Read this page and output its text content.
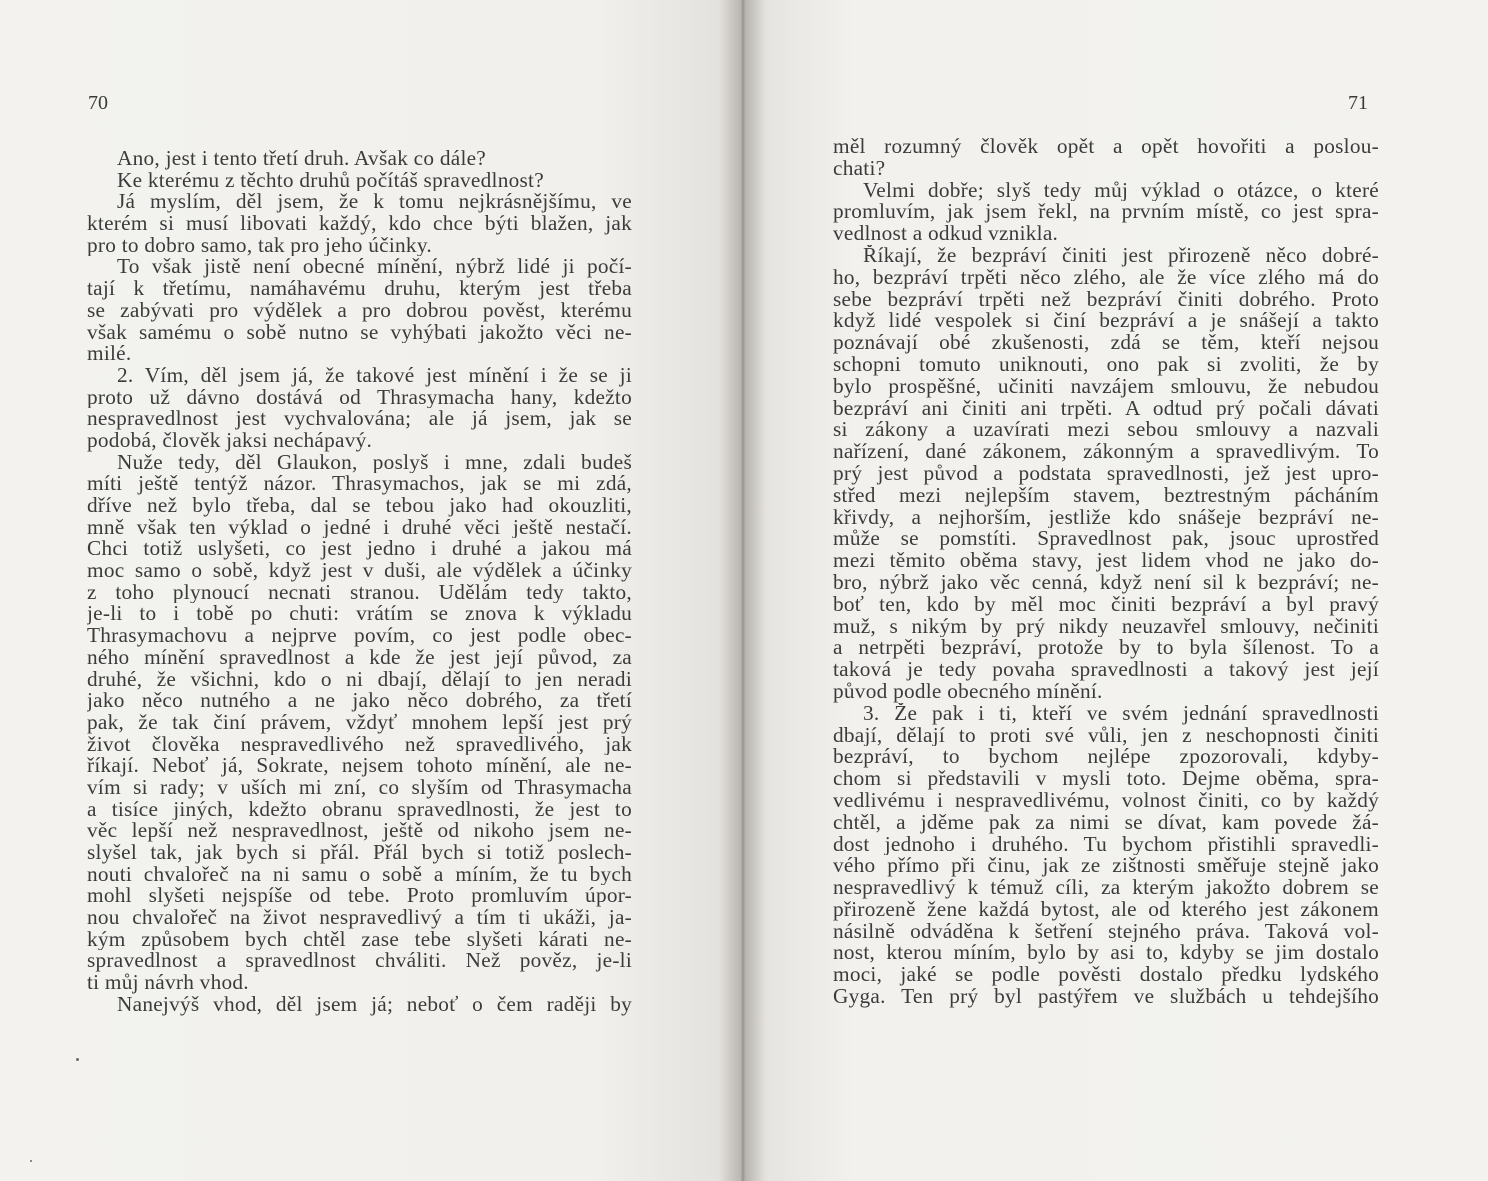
70
Ano, jest i tento třetí druh. Avšak co dále?
Ke kterému z těchto druhů počítáš spravedlnost?
Já myslím, děl jsem, že k tomu nejkrásnějšímu, ve
kterém si musí libovati každý, kdo chce býti blažen, jak
pro to dobro samo, tak pro jeho účinky.
To však jistě není obecné mínění, nýbrž lidé ji počí-
tají k třetímu, namáhavému druhu, kterým jest třeba
se zabývati pro výdělek a pro dobrou pověst, kterému
však samému o sobě nutno se vyhýbati jakožto věci ne-
milé.
2. Vím, děl jsem já, že takové jest mínění i že se ji
proto už dávno dostává od Thrasymacha hany, kdežto
nespravedlnost jest vychvalována; ale já jsem, jak se
podobá, člověk jaksi nechápavý.
Nuže tedy, děl Glaukon, poslyš i mne, zdali budeš
míti ještě tentýž názor. Thrasymachos, jak se mi zdá,
dříve než bylo třeba, dal se tebou jako had okouzliti,
mně však ten výklad o jedné i druhé věci ještě nestačí.
Chci totiž uslyšeti, co jest jedno i druhé a jakou má
moc samo o sobě, když jest v duši, ale výdělek a účinky
z toho plynoucí necnati stranou. Udělám tedy takto,
je-li to i tobě po chuti: vrátím se znova k výkladu
Thrasymachovu a nejprve povím, co jest podle obec-
ného mínění spravedlnost a kde že jest její původ, za
druhé, že všichni, kdo o ni dbají, dělají to jen neradi
jako něco nutného a ne jako něco dobrého, za třetí
pak, že tak činí právem, vždyť mnohem lepší jest prý
život člověka nespravedlivého než spravedlivého, jak
říkají. Neboť já, Sokrate, nejsem tohoto mínění, ale ne-
vím si rady; v uších mi zní, co slyším od Thrasymacha
a tisíce jiných, kdežto obranu spravedlnosti, že jest to
věc lepší než nespravedlnost, ještě od nikoho jsem ne-
slyšel tak, jak bych si přál. Přál bych si totiž poslech-
nouti chvalořeč na ni samu o sobě a míním, že tu bych
mohl slyšeti nejspíše od tebe. Proto promluvím úpor-
nou chvalořeč na život nespravedlivý a tím ti ukáži, ja-
kým způsobem bych chtěl zase tebe slyšeti kárati ne-
spravedlnost a spravedlnost chváliti. Než pověz, je-li
ti můj návrh vhod.
Nanejvýš vhod, děl jsem já; neboť o čem raději by
71
měl rozumný člověk opět a opět hovořiti a poslou-
chati?
Velmi dobře; slyš tedy můj výklad o otázce, o které
promluvím, jak jsem řekl, na prvním místě, co jest spra-
vedlnost a odkud vznikla.
Říkají, že bezpráví činiti jest přirozeně něco dobré-
ho, bezpráví trpěti něco zlého, ale že více zlého má do
sebe bezpráví trpěti než bezpráví činiti dobrého. Proto
když lidé vespolek si činí bezpráví a je snášejí a takto
poznávají obé zkušenosti, zdá se těm, kteří nejsou
schopni tomuto uniknouti, ono pak si zvoliti, že by
bylo prospěšné, učiniti navzájem smlouvu, že nebudou
bezpráví ani činiti ani trpěti. A odtud prý počali dávati
si zákony a uzavírati mezi sebou smlouvy a nazvali
nařízení, dané zákonem, zákonným a spravedlivým. To
prý jest původ a podstata spravedlnosti, jež jest upro-
střed mezi nejlepším stavem, beztrestným pácháním
křivdy, a nejhorším, jestliže kdo snášeje bezpráví ne-
může se pomstíti. Spravedlnost pak, jsouc uprostřed
mezi těmito oběma stavy, jest lidem vhod ne jako do-
bro, nýbrž jako věc cenná, když není sil k bezpráví; ne-
boť ten, kdo by měl moc činiti bezpráví a byl pravý
muž, s nikým by prý nikdy neuzavřel smlouvy, nečiniti
a netrpěti bezpráví, protože by to byla šílenost. To a
taková je tedy povaha spravedlnosti a takový jest její
původ podle obecného mínění.
3. Že pak i ti, kteří ve svém jednání spravedlnosti
dbají, dělají to proti své vůli, jen z neschopnosti činiti
bezpráví, to bychom nejlépe zpozorovali, kdyby-
chom si představili v mysli toto. Dejme oběma, spra-
vedlivému i nespravedlivému, volnost činiti, co by každý
chtěl, a jděme pak za nimi se dívat, kam povede žá-
dost jednoho i druhého. Tu bychom přistihli spravedli-
vého přímo při činu, jak ze zištnosti směřuje stejně jako
nespravedlivý k témuž cíli, za kterým jakožto dobrem se
přirozeně žene každá bytost, ale od kterého jest zákonem
násilně odváděna k šetření stejného práva. Taková vol-
nost, kterou míním, bylo by asi to, kdyby se jim dostalo
moci, jaké se podle pověsti dostalo předku lydského
Gyga. Ten prý byl pastýřem ve službách u tehdejšího
